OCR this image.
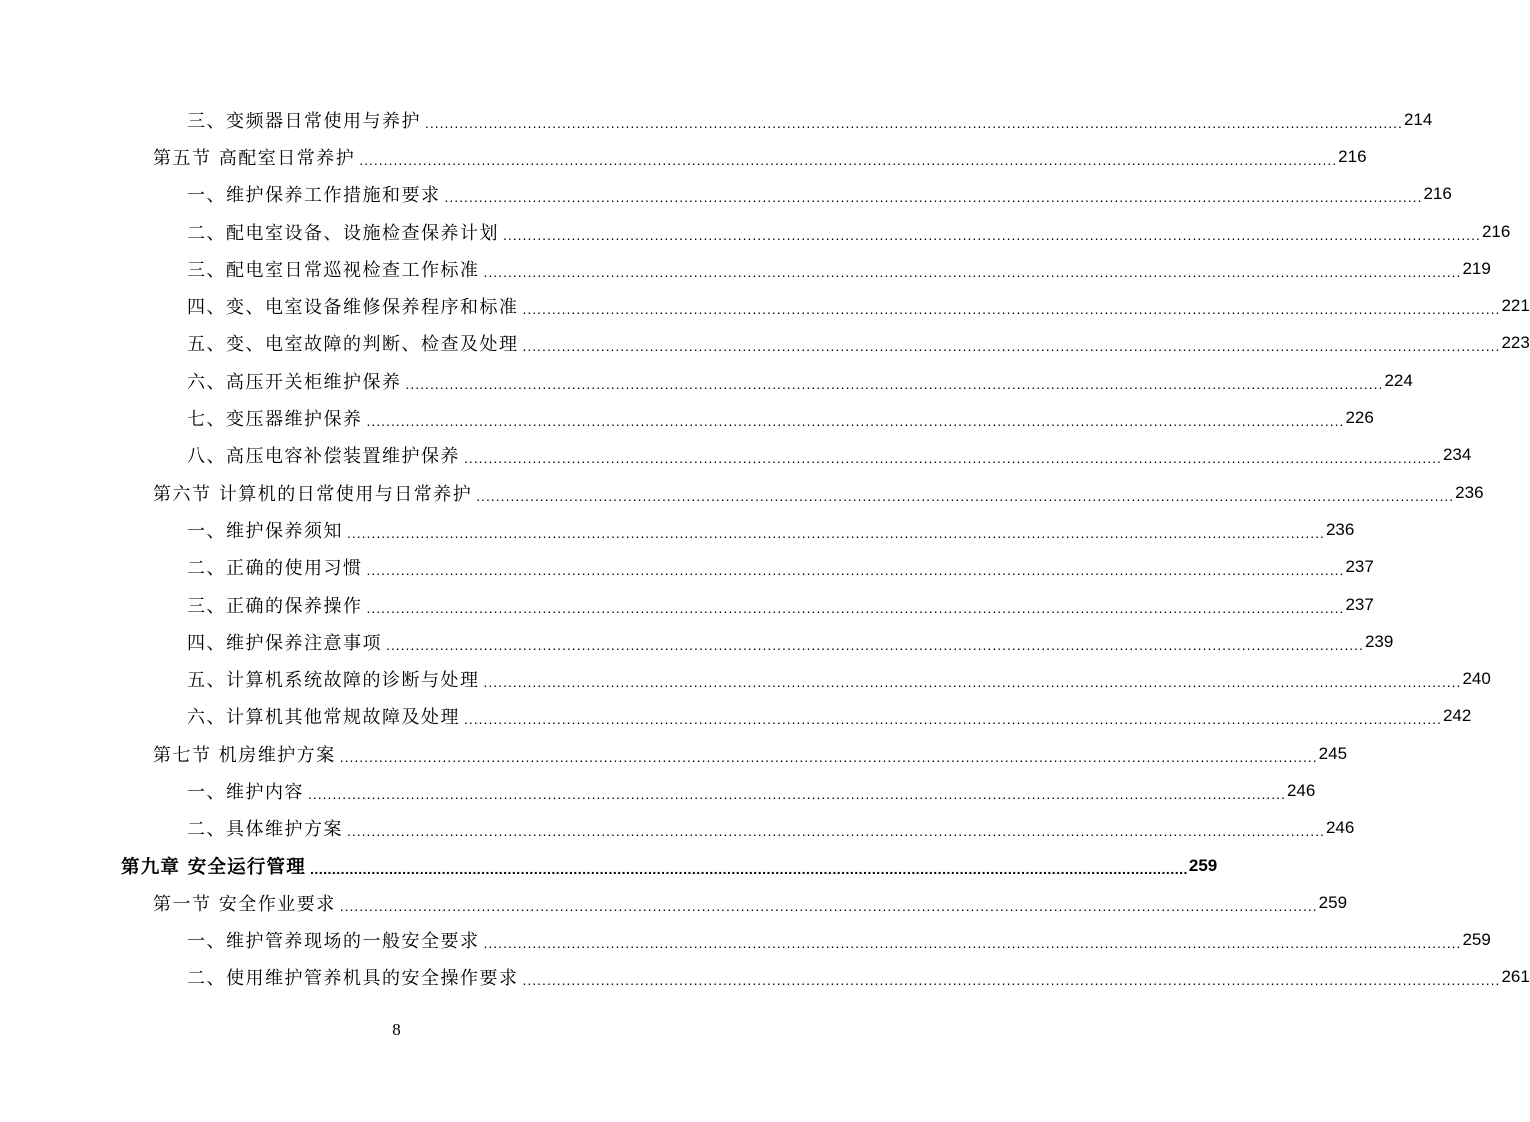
三、变频器日常使用与养护 ........................................................................................................................................................................................................ 214
第五节 高配室日常养护 ........................................................................................................................................................................................................ 216
一、维护保养工作措施和要求 ........................................................................................................................................................................................................ 216
二、配电室设备、设施检查保养计划 ........................................................................................................................................................................................................ 216
三、配电室日常巡视检查工作标准 ........................................................................................................................................................................................................ 219
四、变、电室设备维修保养程序和标准 ........................................................................................................................................................................................................ 221
五、变、电室故障的判断、检查及处理 ........................................................................................................................................................................................................ 223
六、高压开关柜维护保养 ........................................................................................................................................................................................................ 224
七、变压器维护保养 ........................................................................................................................................................................................................ 226
八、高压电容补偿装置维护保养 ........................................................................................................................................................................................................ 234
第六节 计算机的日常使用与日常养护 ........................................................................................................................................................................................................ 236
一、维护保养须知 ........................................................................................................................................................................................................ 236
二、正确的使用习惯 ........................................................................................................................................................................................................ 237
三、正确的保养操作 ........................................................................................................................................................................................................ 237
四、维护保养注意事项 ........................................................................................................................................................................................................ 239
五、计算机系统故障的诊断与处理 ........................................................................................................................................................................................................ 240
六、计算机其他常规故障及处理 ........................................................................................................................................................................................................ 242
第七节 机房维护方案 ........................................................................................................................................................................................................ 245
一、维护内容 ........................................................................................................................................................................................................ 246
二、具体维护方案 ........................................................................................................................................................................................................ 246
第九章 安全运行管理 ........................................................................................................................................................................................................ 259
第一节 安全作业要求 ........................................................................................................................................................................................................ 259
一、维护管养现场的一般安全要求 ........................................................................................................................................................................................................ 259
二、使用维护管养机具的安全操作要求 ........................................................................................................................................................................................................ 261
8
